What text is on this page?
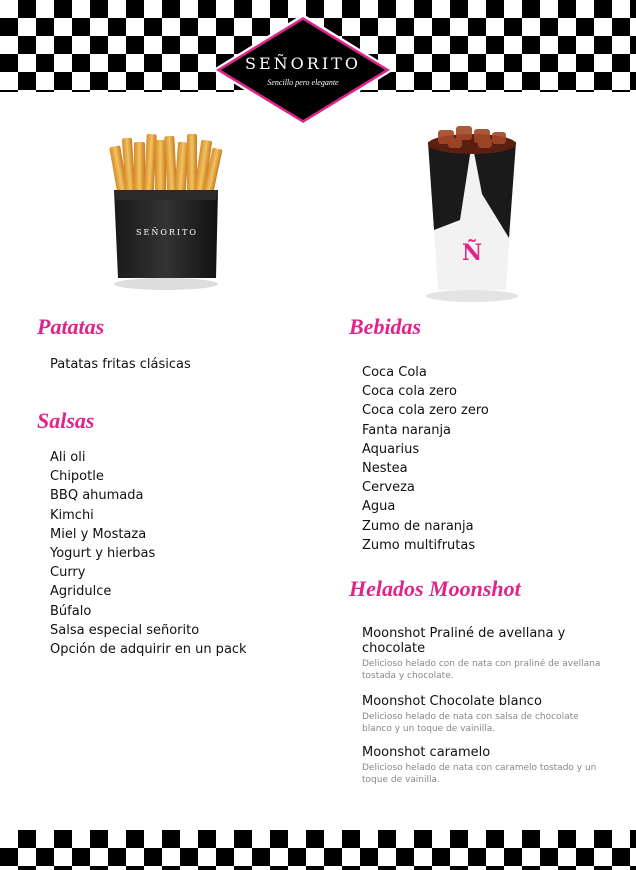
SEÑORITO
Sencillo pero elegante
SEÑORITO
Ñ
Patatas
Patatas fritas clásicas
Salsas
Ali oli
Chipotle
BBQ ahumada
Kimchi
Miel y Mostaza
Yogurt y hierbas
Curry
Agridulce
Búfalo
Salsa especial señorito
Opción de adquirir en un pack
Bebidas
Coca Cola
Coca cola zero
Coca cola zero zero
Fanta naranja
Aquarius
Nestea
Cerveza
Agua
Zumo de naranja
Zumo multifrutas
Helados Moonshot
Moonshot Praliné de avellana y chocolate
Delicioso helado con de nata con praliné de avellana tostada y chocolate.
Moonshot Chocolate blanco
Delicioso helado de nata con salsa de chocolate blanco y un toque de vainilla.
Moonshot caramelo
Delicioso helado de nata con caramelo tostado y un toque de vainilla.
